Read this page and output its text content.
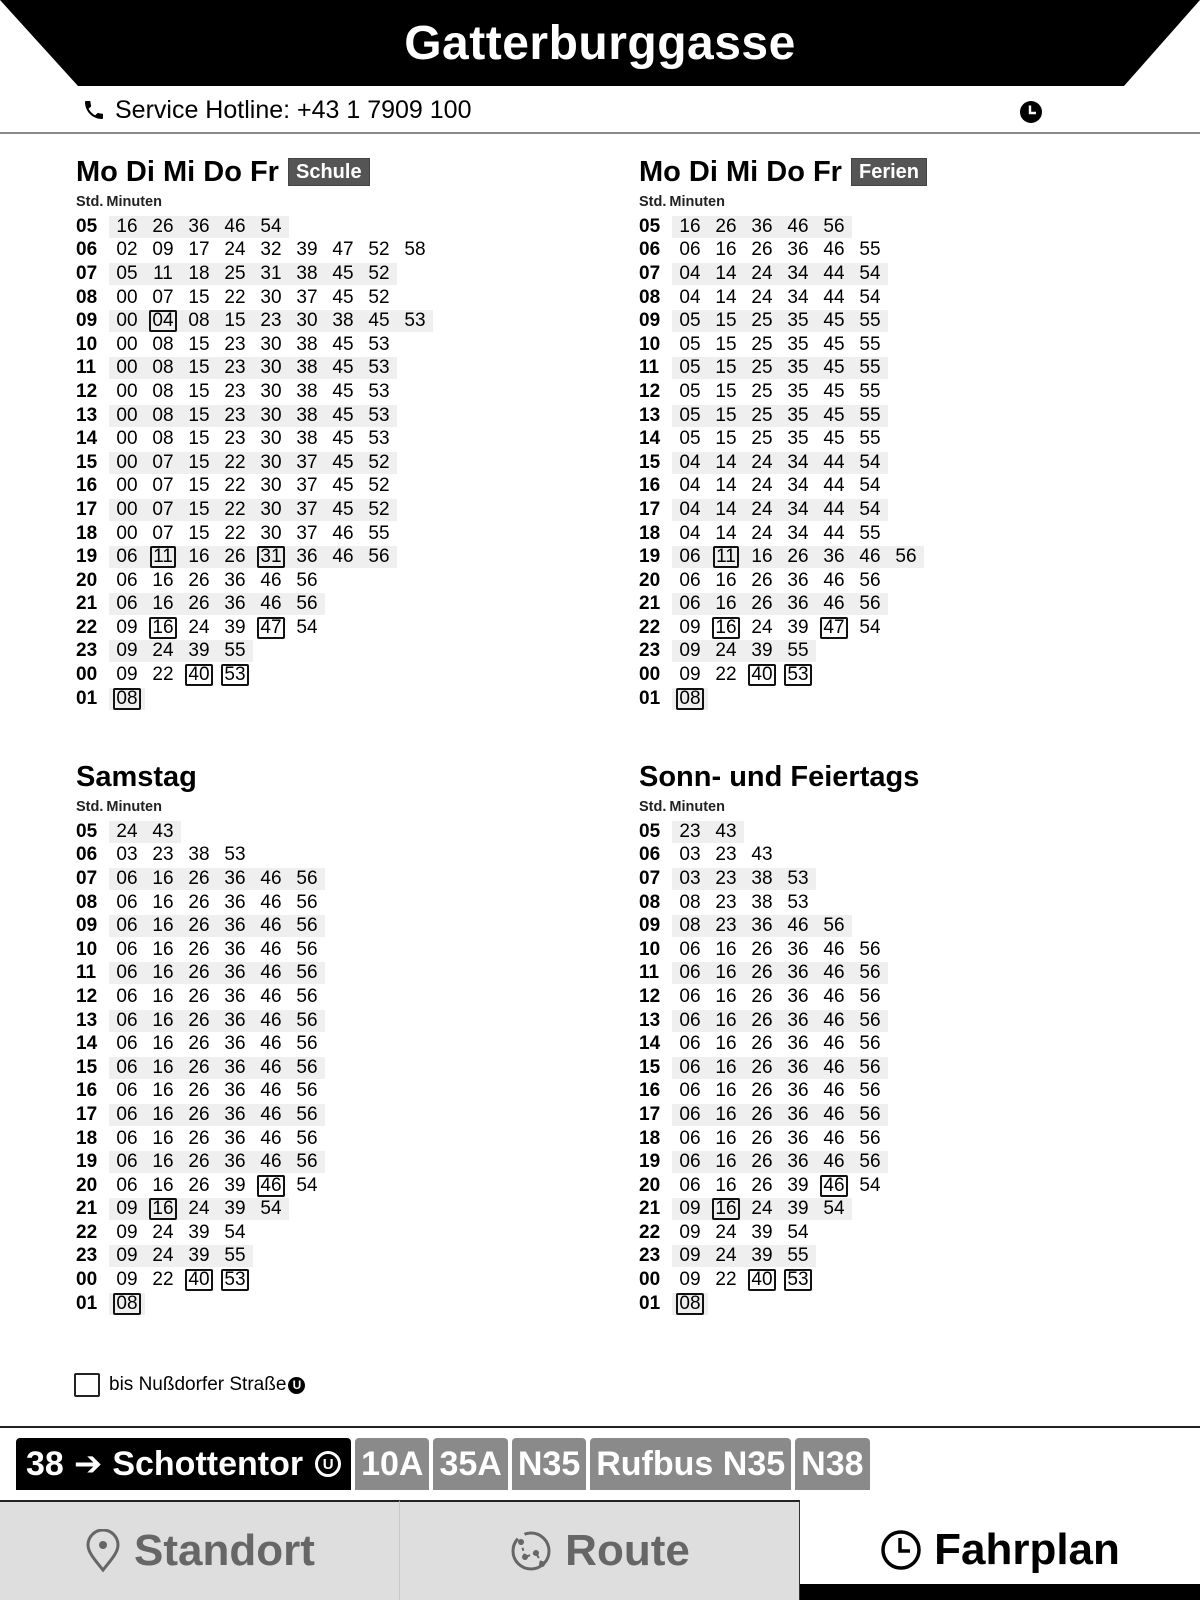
Gatterburggasse
Service Hotline: +43 1 7909 100
Mo Di Mi Do Fr Schule
Std. Minuten
05	16 26 36 46 54
06	02 09 17 24 32 39 47 52 58
07	05 11 18 25 31 38 45 52
08	00 07 15 22 30 37 45 52
09	00 04 08 15 23 30 38 45 53
10	00 08 15 23 30 38 45 53
11	00 08 15 23 30 38 45 53
12	00 08 15 23 30 38 45 53
13	00 08 15 23 30 38 45 53
14	00 08 15 23 30 38 45 53
15	00 07 15 22 30 37 45 52
16	00 07 15 22 30 37 45 52
17	00 07 15 22 30 37 45 52
18	00 07 15 22 30 37 46 55
19	06 11 16 26 31 36 46 56
20	06 16 26 36 46 56
21	06 16 26 36 46 56
22	09 16 24 39 47 54
23	09 24 39 55
00	09 22 40 53
01	08
Mo Di Mi Do Fr Ferien
Std. Minuten
05	16 26 36 46 56
06	06 16 26 36 46 55
07	04 14 24 34 44 54
08	04 14 24 34 44 54
09	05 15 25 35 45 55
10	05 15 25 35 45 55
11	05 15 25 35 45 55
12	05 15 25 35 45 55
13	05 15 25 35 45 55
14	05 15 25 35 45 55
15	04 14 24 34 44 54
16	04 14 24 34 44 54
17	04 14 24 34 44 54
18	04 14 24 34 44 55
19	06 11 16 26 36 46 56
20	06 16 26 36 46 56
21	06 16 26 36 46 56
22	09 16 24 39 47 54
23	09 24 39 55
00	09 22 40 53
01	08
Samstag
Std. Minuten
05	24 43
06	03 23 38 53
07	06 16 26 36 46 56
08	06 16 26 36 46 56
09	06 16 26 36 46 56
10	06 16 26 36 46 56
11	06 16 26 36 46 56
12	06 16 26 36 46 56
13	06 16 26 36 46 56
14	06 16 26 36 46 56
15	06 16 26 36 46 56
16	06 16 26 36 46 56
17	06 16 26 36 46 56
18	06 16 26 36 46 56
19	06 16 26 36 46 56
20	06 16 26 39 46 54
21	09 16 24 39 54
22	09 24 39 54
23	09 24 39 55
00	09 22 40 53
01	08
Sonn- und Feiertags
Std. Minuten
05	23 43
06	03 23 43
07	03 23 38 53
08	08 23 38 53
09	08 23 36 46 56
10	06 16 26 36 46 56
11	06 16 26 36 46 56
12	06 16 26 36 46 56
13	06 16 26 36 46 56
14	06 16 26 36 46 56
15	06 16 26 36 46 56
16	06 16 26 36 46 56
17	06 16 26 36 46 56
18	06 16 26 36 46 56
19	06 16 26 36 46 56
20	06 16 26 39 46 54
21	09 16 24 39 54
22	09 24 39 54
23	09 24 39 55
00	09 22 40 53
01	08
bis Nußdorfer Straße U
38 ➔ Schottentor	U 10A 35A N35 Rufbus N35 N38
Standort	Route	Fahrplan
